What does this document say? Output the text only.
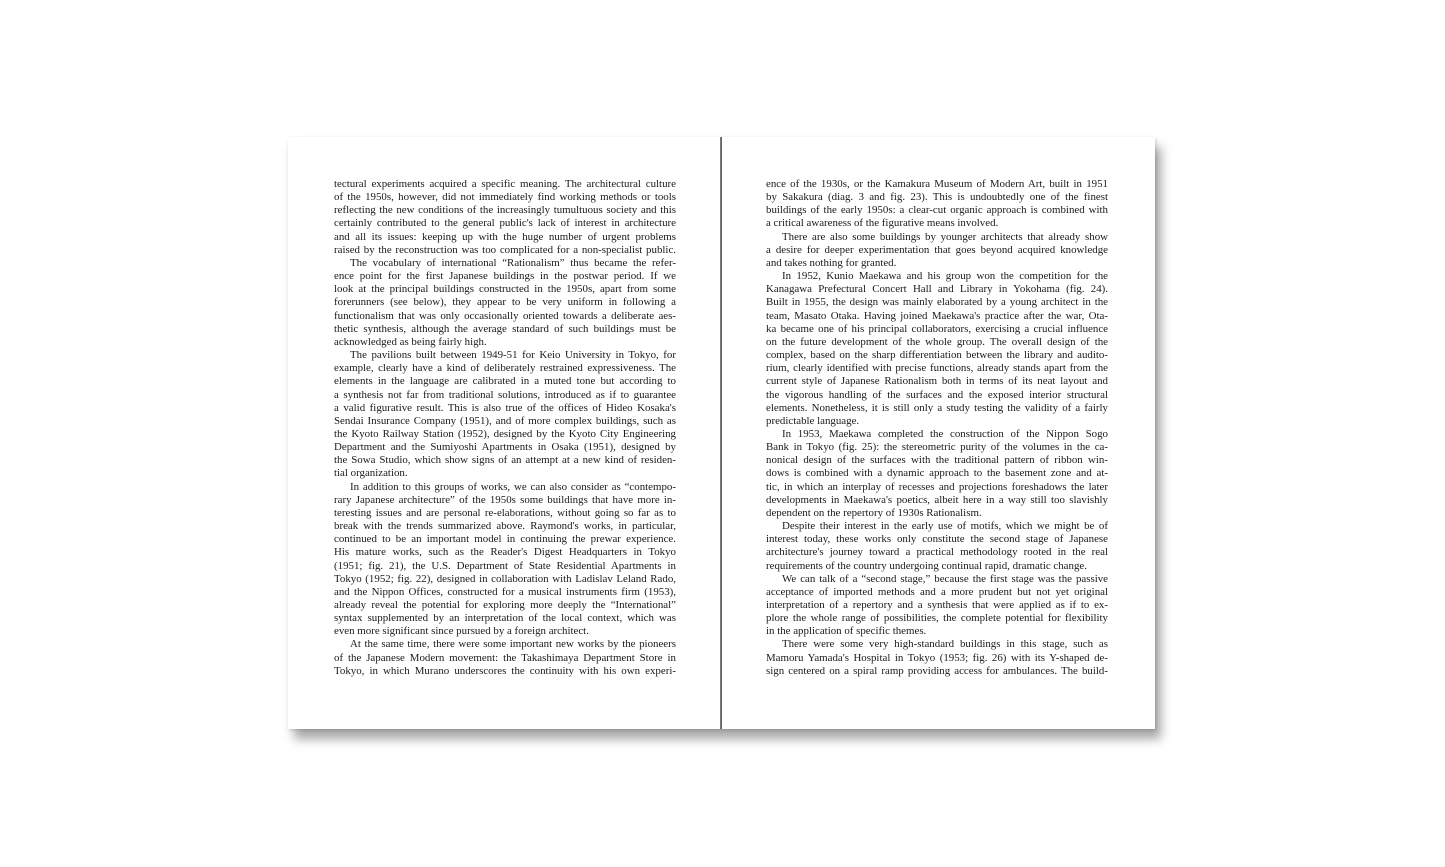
tectural experiments acquired a specific meaning. The architectural culture
of the 1950s, however, did not immediately find working methods or tools
reflecting the new conditions of the increasingly tumultuous society and this
certainly contributed to the general public's lack of interest in architecture
and all its issues: keeping up with the huge number of urgent problems
raised by the reconstruction was too complicated for a non-specialist public.
The vocabulary of international “Rationalism” thus became the refer-
ence point for the first Japanese buildings in the postwar period. If we
look at the principal buildings constructed in the 1950s, apart from some
forerunners (see below), they appear to be very uniform in following a
functionalism that was only occasionally oriented towards a deliberate aes-
thetic synthesis, although the average standard of such buildings must be
acknowledged as being fairly high.
The pavilions built between 1949-51 for Keio University in Tokyo, for
example, clearly have a kind of deliberately restrained expressiveness. The
elements in the language are calibrated in a muted tone but according to
a synthesis not far from traditional solutions, introduced as if to guarantee
a valid figurative result. This is also true of the offices of Hideo Kosaka's
Sendai Insurance Company (1951), and of more complex buildings, such as
the Kyoto Railway Station (1952), designed by the Kyoto City Engineering
Department and the Sumiyoshi Apartments in Osaka (1951), designed by
the Sowa Studio, which show signs of an attempt at a new kind of residen-
tial organization.
In addition to this groups of works, we can also consider as “contempo-
rary Japanese architecture” of the 1950s some buildings that have more in-
teresting issues and are personal re-elaborations, without going so far as to
break with the trends summarized above. Raymond's works, in particular,
continued to be an important model in continuing the prewar experience.
His mature works, such as the Reader's Digest Headquarters in Tokyo
(1951; fig. 21), the U.S. Department of State Residential Apartments in
Tokyo (1952; fig. 22), designed in collaboration with Ladislav Leland Rado,
and the Nippon Offices, constructed for a musical instruments firm (1953),
already reveal the potential for exploring more deeply the “International”
syntax supplemented by an interpretation of the local context, which was
even more significant since pursued by a foreign architect.
At the same time, there were some important new works by the pioneers
of the Japanese Modern movement: the Takashimaya Department Store in
Tokyo, in which Murano underscores the continuity with his own experi-
ence of the 1930s, or the Kamakura Museum of Modern Art, built in 1951
by Sakakura (diag. 3 and fig. 23). This is undoubtedly one of the finest
buildings of the early 1950s: a clear-cut organic approach is combined with
a critical awareness of the figurative means involved.
There are also some buildings by younger architects that already show
a desire for deeper experimentation that goes beyond acquired knowledge
and takes nothing for granted.
In 1952, Kunio Maekawa and his group won the competition for the
Kanagawa Prefectural Concert Hall and Library in Yokohama (fig. 24).
Built in 1955, the design was mainly elaborated by a young architect in the
team, Masato Otaka. Having joined Maekawa's practice after the war, Ota-
ka became one of his principal collaborators, exercising a crucial influence
on the future development of the whole group. The overall design of the
complex, based on the sharp differentiation between the library and audito-
rium, clearly identified with precise functions, already stands apart from the
current style of Japanese Rationalism both in terms of its neat layout and
the vigorous handling of the surfaces and the exposed interior structural
elements. Nonetheless, it is still only a study testing the validity of a fairly
predictable language.
In 1953, Maekawa completed the construction of the Nippon Sogo
Bank in Tokyo (fig. 25): the stereometric purity of the volumes in the ca-
nonical design of the surfaces with the traditional pattern of ribbon win-
dows is combined with a dynamic approach to the basement zone and at-
tic, in which an interplay of recesses and projections foreshadows the later
developments in Maekawa's poetics, albeit here in a way still too slavishly
dependent on the repertory of 1930s Rationalism.
Despite their interest in the early use of motifs, which we might be of
interest today, these works only constitute the second stage of Japanese
architecture's journey toward a practical methodology rooted in the real
requirements of the country undergoing continual rapid, dramatic change.
We can talk of a “second stage,” because the first stage was the passive
acceptance of imported methods and a more prudent but not yet original
interpretation of a repertory and a synthesis that were applied as if to ex-
plore the whole range of possibilities, the complete potential for flexibility
in the application of specific themes.
There were some very high-standard buildings in this stage, such as
Mamoru Yamada's Hospital in Tokyo (1953; fig. 26) with its Y-shaped de-
sign centered on a spiral ramp providing access for ambulances. The build-
